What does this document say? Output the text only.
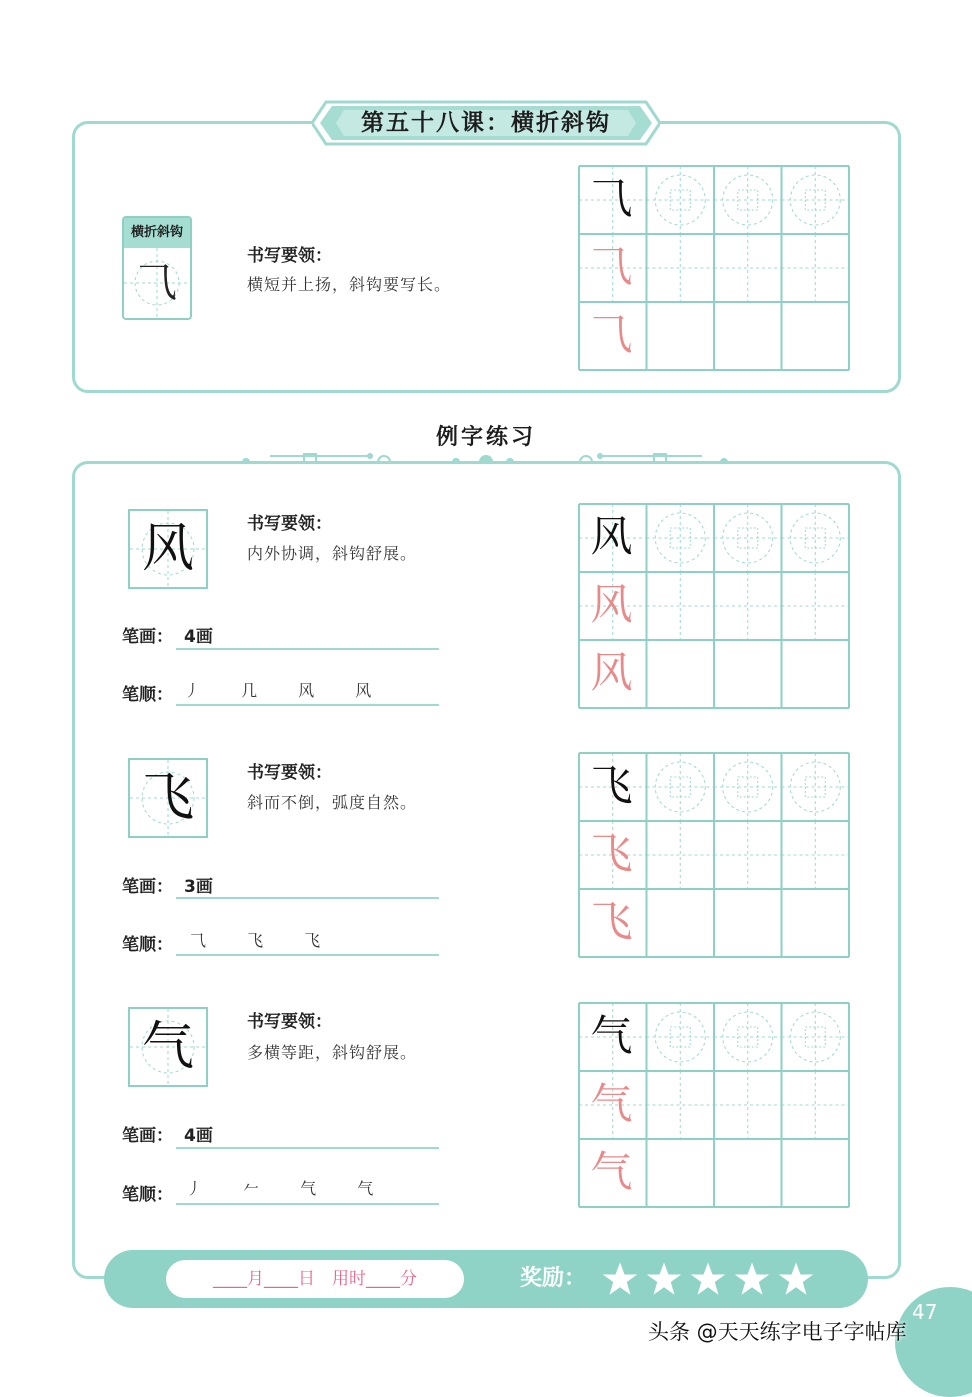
第五十八课：横折斜钩
横折斜钩
⺄
书写要领：
横短并上扬，斜钩要写长。
⺄
⺄
⺄
例字练习
风	书写要领：
内外协调，斜钩舒展。
笔画： 4画
笔顺： 丿 几 风 风
风
风
风
飞	书写要领：
斜而不倒，弧度自然。
笔画： 3画
笔顺： ⺄ 飞 飞
飞
飞
飞
气	书写要领：
多横等距，斜钩舒展。
笔画： 4画
笔顺： 丿 𠂉 气 气
气
气
气
____月____日　用时____分	奖励：
47
头条 @天天练字电子字帖库
